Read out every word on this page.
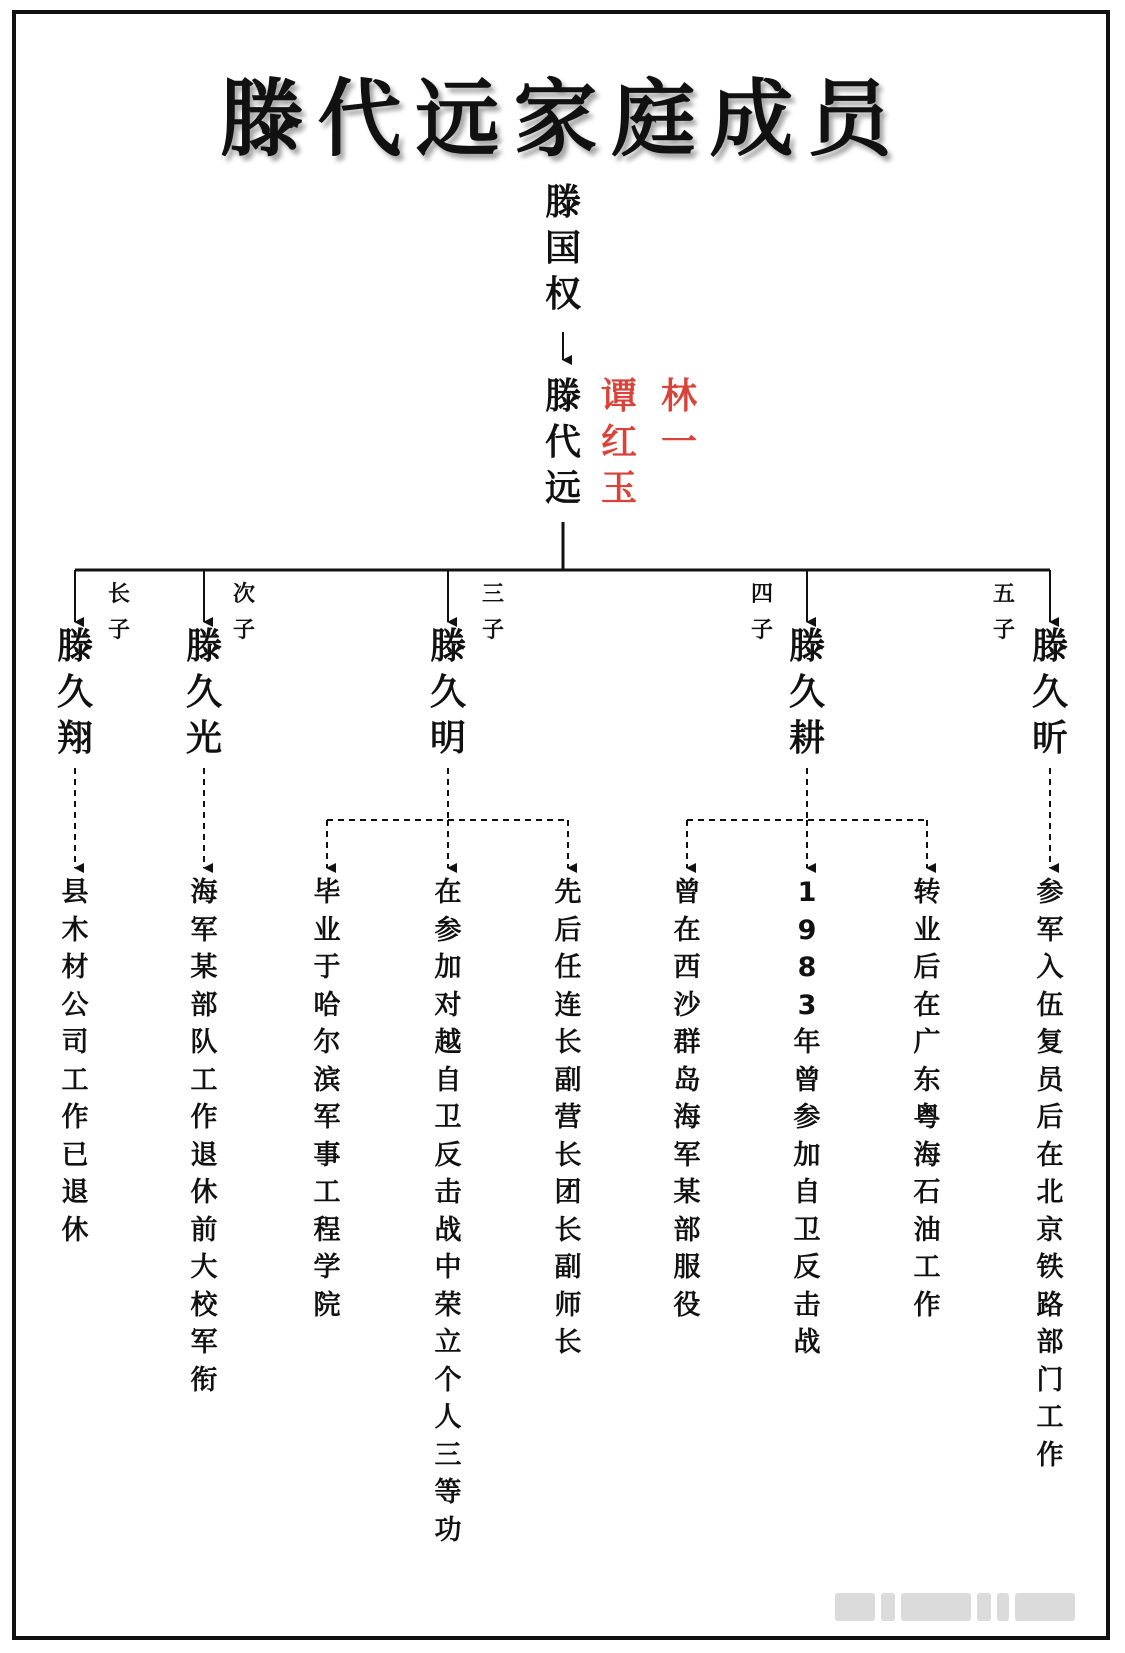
滕代远家庭成员
滕
国
权
滕
代
远
谭
红
玉
林
一
长
子
次
子
三
子
四
子
五
子
滕
久
翔
滕
久
光
滕
久
明
滕
久
耕
滕
久
昕
县
木
材
公
司
工
作
已
退
休
海
军
某
部
队
工
作
退
休
前
大
校
军
衔
毕
业
于
哈
尔
滨
军
事
工
程
学
院
在
参
加
对
越
自
卫
反
击
战
中
荣
立
个
人
三
等
功
先
后
任
连
长
副
营
长
团
长
副
师
长
曾
在
西
沙
群
岛
海
军
某
部
服
役
1
9
8
3
年
曾
参
加
自
卫
反
击
战
转
业
后
在
广
东
粤
海
石
油
工
作
参
军
入
伍
复
员
后
在
北
京
铁
路
部
门
工
作
